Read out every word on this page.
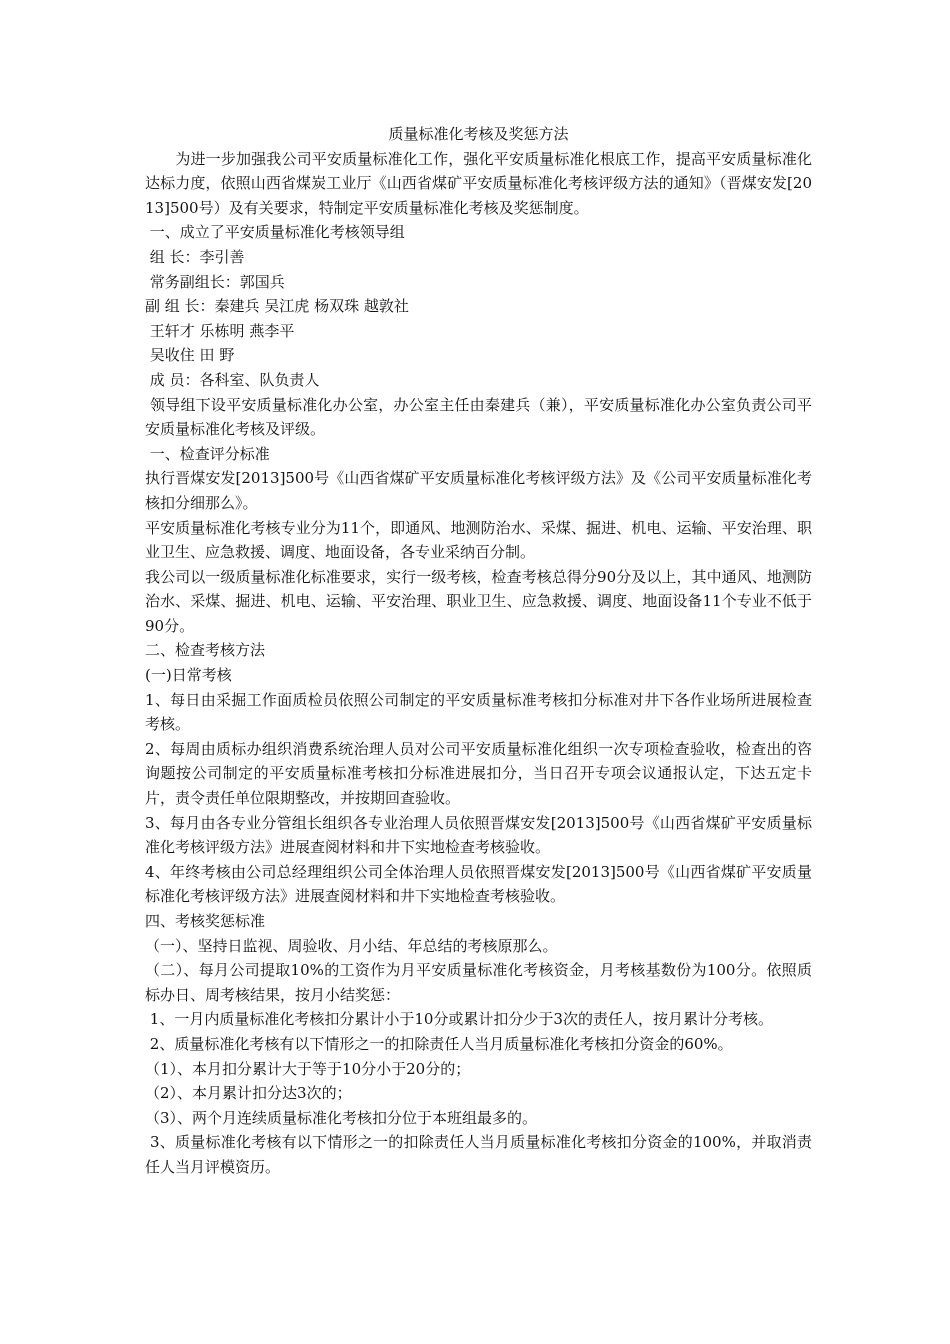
质量标准化考核及奖惩方法

　　为进一步加强我公司平安质量标准化工作，强化平安质量标准化根底工作，提高平安质量标准化达标力度，依照山西省煤炭工业厅《山西省煤矿平安质量标准化考核评级方法的通知》（晋煤安发[2013]500号）及有关要求，特制定平安质量标准化考核及奖惩制度。

一、成立了平安质量标准化考核领导组

组 长：李引善

常务副组长：郭国兵

副 组 长：秦建兵 吴江虎 杨双珠 越敦社

王轩才 乐栋明 燕李平

吴收住 田 野

成 员：各科室、队负责人

领导组下设平安质量标准化办公室，办公室主任由秦建兵（兼），平安质量标准化办公室负责公司平安质量标准化考核及评级。

一、检查评分标准

执行晋煤安发[2013]500号《山西省煤矿平安质量标准化考核评级方法》及《公司平安质量标准化考核扣分细那么》。

平安质量标准化考核专业分为11个，即通风、地测防治水、采煤、掘进、机电、运输、平安治理、职业卫生、应急救援、调度、地面设备，各专业采纳百分制。

我公司以一级质量标准化标准要求，实行一级考核，检查考核总得分90分及以上，其中通风、地测防治水、采煤、掘进、机电、运输、平安治理、职业卫生、应急救援、调度、地面设备11个专业不低于90分。

二、检查考核方法

(一)日常考核

1、每日由采掘工作面质检员依照公司制定的平安质量标准考核扣分标准对井下各作业场所进展检查考核。

2、每周由质标办组织消费系统治理人员对公司平安质量标准化组织一次专项检查验收，检查出的咨询题按公司制定的平安质量标准考核扣分标准进展扣分，当日召开专项会议通报认定，下达五定卡片，责令责任单位限期整改，并按期回查验收。

3、每月由各专业分管组长组织各专业治理人员依照晋煤安发[2013]500号《山西省煤矿平安质量标准化考核评级方法》进展查阅材料和井下实地检查考核验收。

4、年终考核由公司总经理组织公司全体治理人员依照晋煤安发[2013]500号《山西省煤矿平安质量标准化考核评级方法》进展查阅材料和井下实地检查考核验收。

四、考核奖惩标准

（一）、坚持日监视、周验收、月小结、年总结的考核原那么。

（二）、每月公司提取10%的工资作为月平安质量标准化考核资金，月考核基数份为100分。依照质标办日、周考核结果，按月小结奖惩：

1、一月内质量标准化考核扣分累计小于10分或累计扣分少于3次的责任人，按月累计分考核。

2、质量标准化考核有以下情形之一的扣除责任人当月质量标准化考核扣分资金的60%。

（1）、本月扣分累计大于等于10分小于20分的；

（2）、本月累计扣分达3次的；

（3）、两个月连续质量标准化考核扣分位于本班组最多的。

3、质量标准化考核有以下情形之一的扣除责任人当月质量标准化考核扣分资金的100%，并取消责任人当月评模资历。
